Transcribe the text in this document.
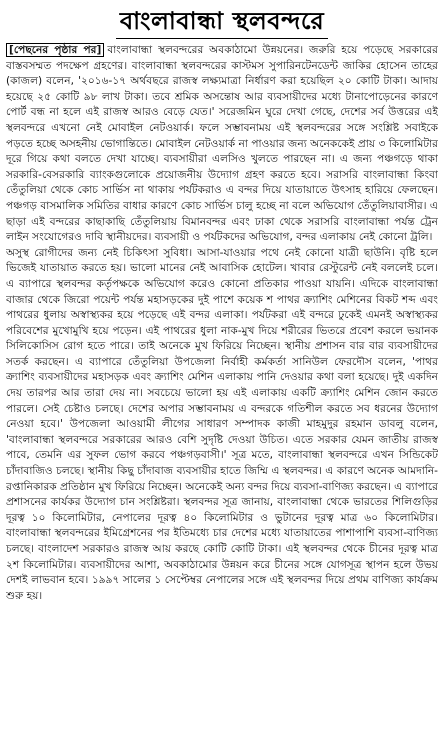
বাংলাবান্ধা স্থলবন্দরে

[পেছনের পৃষ্ঠার পর] বাংলাবান্ধা স্থলবন্দরের অবকাঠামো উন্নয়নের। জরুরি হয়ে পড়েছে সরকারের বাস্তবসম্মত পদক্ষেপ গ্রহণের। বাংলাবান্ধা স্থলবন্দরের কাস্টমস সুপারিনটেনডেন্ট জাকির হোসেন তাহের (কাজল) বলেন, '২০১৬-১৭ অর্থবছরে রাজস্ব লক্ষ্যমাত্রা নির্ধারণ করা হয়েছিল ২০ কোটি টাকা। আদায় হয়েছে ২৫ কোটি ৯৮ লাখ টাকা। তবে শ্রমিক অসন্তোষ আর ব্যবসায়ীদের মধ্যে টানাপোড়েনের কারণে পোর্ট বন্ধ না হলে এই রাজস্ব আরও বেড়ে যেত।' সরেজমিন ঘুরে দেখা গেছে, দেশের সর্ব উত্তরের এই স্থলবন্দরে এখনো নেই মোবাইল নেটওয়ার্ক। ফলে সম্ভাবনাময় এই স্থলবন্দরের সঙ্গে সংশ্লিষ্ট সবাইকে পড়তে হচ্ছে অসহনীয় ভোগান্তিতে। মোবাইল নেটওয়ার্ক না পাওয়ার জন্য অনেককেই প্রায় ৩ কিলোমিটার দূরে গিয়ে কথা বলতে দেখা যাচ্ছে। ব্যবসায়ীরা এলসিও খুলতে পারছেন না। এ জন্য পঞ্চগড়ে থাকা সরকারি-বেসরকারি ব্যাংকগুলোকে প্রয়োজনীয় উদ্যোগ গ্রহণ করতে হবে। সরাসরি বাংলাবান্ধা কিংবা তেঁতুলিয়া থেকে কোচ সার্ভিস না থাকায় পর্যটকরাও এ বন্দর দিয়ে যাতায়াতে উৎসাহ হারিয়ে ফেলছেন। পঞ্চগড় বাসমালিক সমিতির বাধার কারণে কোচ সার্ভিস চালু হচ্ছে না বলে অভিযোগ তেঁতুলিয়াবাসীর। এ ছাড়া এই বন্দরের কাছাকাছি তেঁতুলিয়ায় বিমানবন্দর এবং ঢাকা থেকে সরাসরি বাংলাবান্ধা পর্যন্ত ট্রেন লাইন সংযোগেরও দাবি স্থানীয়দের। ব্যবসায়ী ও পর্যটকদের অভিযোগ, বন্দর এলাকায় নেই কোনো ট্রলি।

অসুস্থ রোগীদের জন্য নেই চিকিৎসা সুবিধা। আসা-যাওয়ার পথে নেই কোনো যাত্রী ছাউনি। বৃষ্টি হলে ভিজেই যাতায়াত করতে হয়। ভালো মানের নেই আবাসিক হোটেল। খাবার রেস্টুরেন্ট নেই বললেই চলে। এ ব্যাপারে স্থলবন্দর কর্তৃপক্ষকে অভিযোগ করেও কোনো প্রতিকার পাওয়া যায়নি। এদিকে বাংলাবান্ধা বাজার থেকে জিরো পয়েন্ট পর্যন্ত মহাসড়কের দুই পাশে কয়েক শ পাথর ক্র্যাশিং মেশিনের বিকট শব্দ এবং পাথরের ধুলায় অস্বাস্থ্যকর হয়ে পড়েছে এই বন্দর এলাকা। পর্যটকরা এই বন্দরে ঢুকেই এমনই অস্বাস্থ্যকর পরিবেশের মুখোমুখি হয়ে পড়েন। এই পাথরের ধুলা নাক-মুখ দিয়ে শরীরের ভিতরে প্রবেশ করলে ভয়ানক সিলিকোসিস রোগ হতে পারে। তাই অনেকে মুখ ফিরিয়ে নিচ্ছেন। স্থানীয় প্রশাসন বার বার ব্যবসায়ীদের সতর্ক করছেন। এ ব্যাপারে তেঁতুলিয়া উপজেলা নির্বাহী কর্মকর্তা সানিউল ফেরদৌস বলেন, 'পাথর ক্র্যাশিং ব্যবসায়ীদের মহাসড়ক এবং ক্র্যাশিং মেশিন এলাকায় পানি দেওয়ার কথা বলা হয়েছে। দুই একদিন দেয় তারপর আর তারা দেয় না। সবচেয়ে ভালো হয় এই এলাকায় একটি ক্র্যাশিং মেশিন জোন করতে পারলে। সেই চেষ্টাও চলছে। দেশের অপার সম্ভাবনাময় এ বন্দরকে গতিশীল করতে সব ধরনের উদ্যোগ নেওয়া হবে।' উপজেলা আওয়ামী লীগের সাধারণ সম্পাদক কাজী মাহমুদুর রহমান ডাবলু বলেন, 'বাংলাবান্ধা স্থলবন্দরে সরকারের আরও বেশি সুদৃষ্টি দেওয়া উচিত। এতে সরকার যেমন জাতীয় রাজস্ব পাবে, তেমনি এর সুফল ভোগ করবে পঞ্চগড়বাসী।' সূত্র মতে, বাংলাবান্ধা স্থলবন্দরে এখন সিন্ডিকেট চাঁদাবাজিও চলছে। স্থানীয় কিছু চাঁদাবাজ ব্যবসায়ীর হাতে জিম্মি এ স্থলবন্দর। এ কারণে অনেক আমদানি-রপ্তানিকারক প্রতিষ্ঠান মুখ ফিরিয়ে নিচ্ছেন। অনেকেই অন্য বন্দর দিয়ে ব্যবসা-বাণিজ্য করছেন। এ ব্যাপারে প্রশাসনের কার্যকর উদ্যোগ চান সংশ্লিষ্টরা। স্থলবন্দর সূত্র জানায়, বাংলাবান্ধা থেকে ভারতের শিলিগুড়ির দূরত্ব ১০ কিলোমিটার, নেপালের দূরত্ব ৪০ কিলোমিটার ও ভুটানের দূরত্ব মাত্র ৬০ কিলোমিটার। বাংলাবান্ধা স্থলবন্দরের ইমিগ্রেশনের পর ইতিমধ্যে চার দেশের মধ্যে যাতায়াতের পাশাপাশি ব্যবসা-বাণিজ্য চলছে। বাংলাদেশ সরকারও রাজস্ব আয় করছে কোটি কোটি টাকা। এই স্থলবন্দর থেকে চীনের দূরত্ব মাত্র ২শ কিলোমিটার। ব্যবসায়ীদের আশা, অবকাঠামোর উন্নয়ন করে চীনের সঙ্গে যোগসূত্র স্থাপন হলে উভয় দেশই লাভবান হবে। ১৯৯৭ সালের ১ সেপ্টেম্বর নেপালের সঙ্গে এই স্থলবন্দর দিয়ে প্রথম বাণিজ্য কার্যক্রম শুরু হয়।
